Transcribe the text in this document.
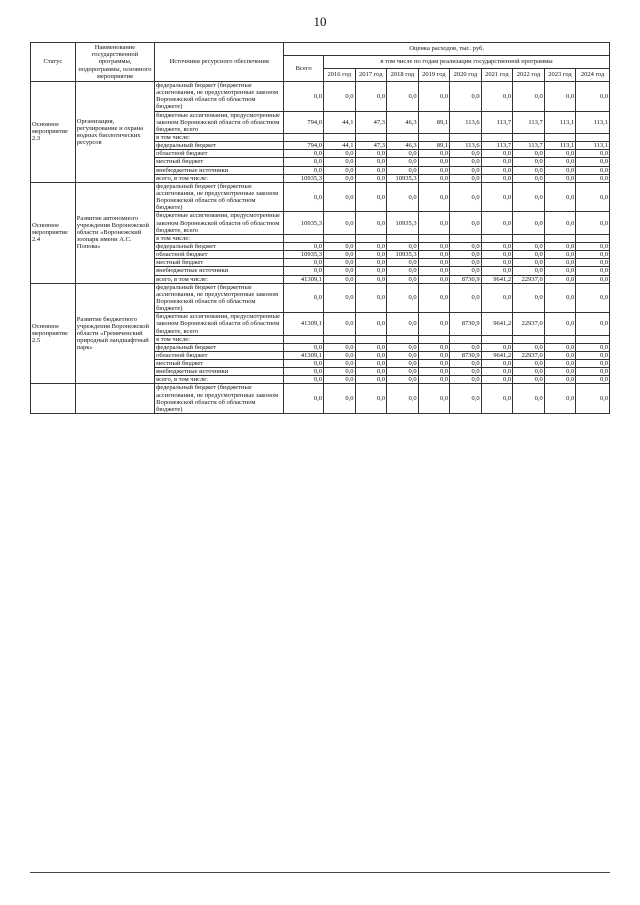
10
Статус	Наименование государственной программы, подпрограммы, основного мероприятия	Источники ресурсного обеспечения	Оценка расходов, тыс. руб.									
			Всего	в том числе по годам реализации государственной программы								
				2016 год	2017 год	2018 год	2019 год	2020 год	2021 год	2022 год	2023 год	2024 год
Основное мероприятие 2.3	Организация, регулирование и охрана водных биологических ресурсов	федеральный бюджет (бюджетные ассигнования, не предусмотренные законом Воронежской области об областном бюджете)	0,0	0,0	0,0	0,0	0,0	0,0	0,0	0,0	0,0	0,0
		бюджетные ассигнования, предусмотренные законом Воронежской области об областном бюджете, всего	794,0	44,1	47,3	46,3	89,1	113,6	113,7	113,7	113,1	113,1
		в том числе:										
		федеральный бюджет	794,0	44,1	47,3	46,3	89,1	113,6	113,7	113,7	113,1	113,1
		областной бюджет	0,0	0,0	0,0	0,0	0,0	0,0	0,0	0,0	0,0	0,0
		местный бюджет	0,0	0,0	0,0	0,0	0,0	0,0	0,0	0,0	0,0	0,0
		внебюджетные источники	0,0	0,0	0,0	0,0	0,0	0,0	0,0	0,0	0,0	0,0
		всего, в том числе:	10935,3	0,0	0,0	10935,3	0,0	0,0	0,0	0,0	0,0	0,0
Основное мероприятие 2.4	Развитие автономного учреждения Воронежской области «Воронежский зоопарк имени А.С. Попова»	федеральный бюджет (бюджетные ассигнования, не предусмотренные законом Воронежской области об областном бюджете)	0,0	0,0	0,0	0,0	0,0	0,0	0,0	0,0	0,0	0,0
		бюджетные ассигнования, предусмотренные законом Воронежской области об областном бюджете, всего	10935,3	0,0	0,0	10935,3	0,0	0,0	0,0	0,0	0,0	0,0
		в том числе:										
		федеральный бюджет	0,0	0,0	0,0	0,0	0,0	0,0	0,0	0,0	0,0	0,0
		областной бюджет	10935,3	0,0	0,0	10935,3	0,0	0,0	0,0	0,0	0,0	0,0
		местный бюджет	0,0	0,0	0,0	0,0	0,0	0,0	0,0	0,0	0,0	0,0
		внебюджетные источники	0,0	0,0	0,0	0,0	0,0	0,0	0,0	0,0	0,0	0,0
		всего, в том числе:	41309,1	0,0	0,0	0,0	0,0	8730,9	9641,2	22937,0	0,0	0,0
Основное мероприятие 2.5	Развитие бюджетного учреждения Воронежской области «Гремяченский природный ландшафтный парк»	федеральный бюджет (бюджетные ассигнования, не предусмотренные законом Воронежской области об областном бюджете)	0,0	0,0	0,0	0,0	0,0	0,0	0,0	0,0	0,0	0,0
		бюджетные ассигнования, предусмотренные законом Воронежской области об областном бюджете, всего	41309,1	0,0	0,0	0,0	0,0	8730,9	9641,2	22937,0	0,0	0,0
		в том числе:										
		федеральный бюджет	0,0	0,0	0,0	0,0	0,0	0,0	0,0	0,0	0,0	0,0
		областной бюджет	41309,1	0,0	0,0	0,0	0,0	8730,9	9641,2	22937,0	0,0	0,0
		местный бюджет	0,0	0,0	0,0	0,0	0,0	0,0	0,0	0,0	0,0	0,0
		внебюджетные источники	0,0	0,0	0,0	0,0	0,0	0,0	0,0	0,0	0,0	0,0
		всего, в том числе:	0,0	0,0	0,0	0,0	0,0	0,0	0,0	0,0	0,0	0,0
		федеральный бюджет (бюджетные ассигнования, не предусмотренные законом Воронежской области об областном бюджете)	0,0	0,0	0,0	0,0	0,0	0,0	0,0	0,0	0,0	0,0
